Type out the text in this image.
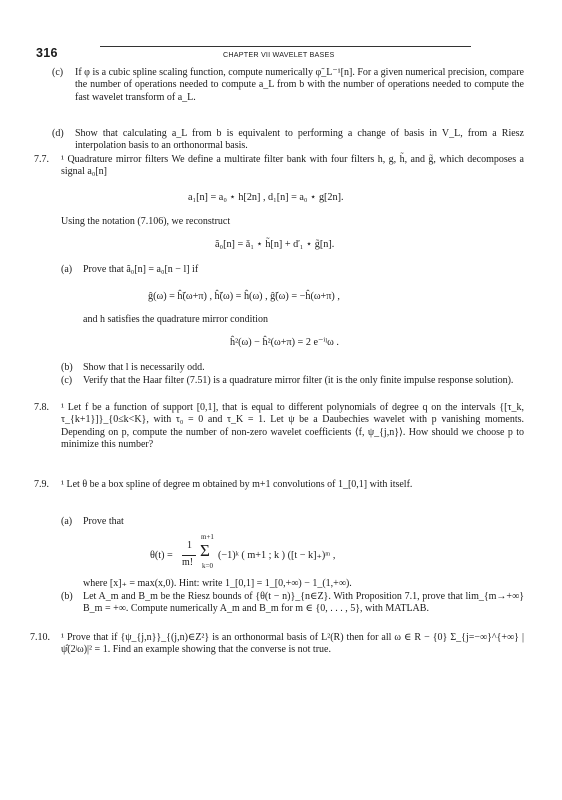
316	CHAPTER VII WAVELET BASES
(c) If φ is a cubic spline scaling function, compute numerically φ̃_L⁻¹[n]. For a given numerical precision, compare the number of operations needed to compute a_L from b with the number of operations needed to compute the fast wavelet transform of a_L.
(d) Show that calculating a_L from b is equivalent to performing a change of basis in V_L, from a Riesz interpolation basis to an orthonormal basis.
7.7. ¹ Quadrature mirror filters We define a multirate filter bank with four filters h, g, h̃, and g̃, which decomposes a signal a₀[n]
a₁[n] = a₀ ⋆ h[2n] , d₁[n] = a₀ ⋆ g[2n].
Using the notation (7.106), we reconstruct
ã₀[n] = ǎ₁ ⋆ h̃[n] + ď₁ ⋆ g̃[n].
(a) Prove that ã₀[n] = a₀[n − l] if
ĝ(ω) = ĥ̃(ω+π) , ĥ̃(ω) = ĥ(ω) , ĝ̃(ω) = −ĥ(ω+π) ,
and h satisfies the quadrature mirror condition
ĥ²(ω) − ĥ²(ω+π) = 2 e⁻ⁱˡω .
(b) Show that l is necessarily odd.
(c) Verify that the Haar filter (7.51) is a quadrature mirror filter (it is the only finite impulse response solution).
7.8. ¹ Let f be a function of support [0,1], that is equal to different polynomials of degree q on the intervals {[τ_k, τ_{k+1}]}_{0≤k<K}, with τ₀ = 0 and τ_K = 1. Let ψ be a Daubechies wavelet with p vanishing moments. Depending on p, compute the number of non-zero wavelet coefficients ⟨f, ψ_{j,n}⟩. How should we choose p to minimize this number?
7.9. ¹ Let θ be a box spline of degree m obtained by m+1 convolutions of 1_[0,1] with itself.
(a) Prove that
θ(t) =
1
m!
m+1
Σ
k=0
(−1)ᵏ ( m+1 ; k ) ([t − k]₊)ᵐ ,
where [x]₊ = max(x,0). Hint: write 1_[0,1] = 1_[0,+∞) − 1_(1,+∞).
(b) Let A_m and B_m be the Riesz bounds of {θ(t − n)}_{n∈Z}. With Proposition 7.1, prove that lim_{m→+∞} B_m = +∞. Compute numerically A_m and B_m for m ∈ {0, . . . , 5}, with MATLAB.
7.10. ¹ Prove that if {ψ_{j,n}}_{(j,n)∈Z²} is an orthonormal basis of L²(R) then for all ω ∈ R − {0} Σ_{j=−∞}^{+∞} |ψ̂(2ʲω)|² = 1. Find an example showing that the converse is not true.
